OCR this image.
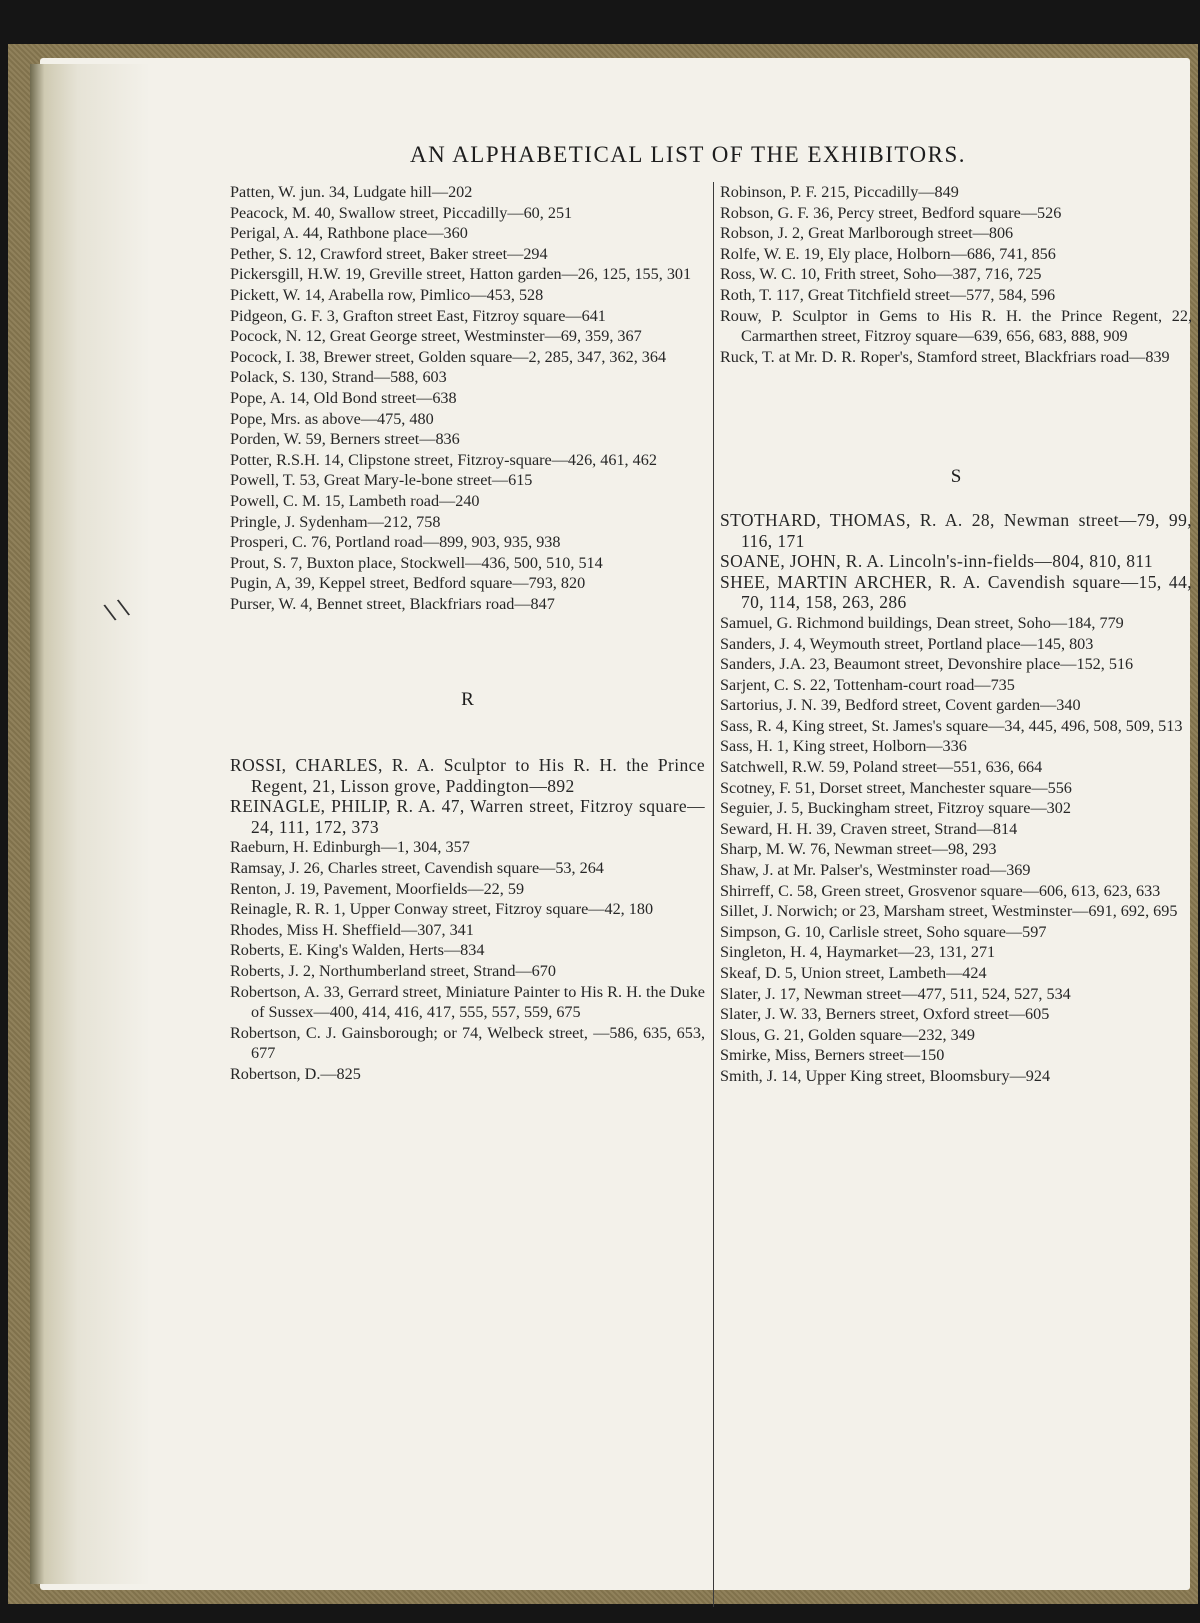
\ \
AN ALPHABETICAL LIST OF THE EXHIBITORS.
Patten, W. jun. 34, Ludgate hill—202
Peacock, M. 40, Swallow street, Piccadilly—60, 251
Perigal, A. 44, Rathbone place—360
Pether, S. 12, Crawford street, Baker street—294
Pickersgill, H.W. 19, Greville street, Hatton garden—26, 125, 155, 301
Pickett, W. 14, Arabella row, Pimlico—453, 528
Pidgeon, G. F. 3, Grafton street East, Fitzroy square—641
Pocock, N. 12, Great George street, Westminster—69, 359, 367
Pocock, I. 38, Brewer street, Golden square—2, 285, 347, 362, 364
Polack, S. 130, Strand—588, 603
Pope, A. 14, Old Bond street—638
Pope, Mrs. as above—475, 480
Porden, W. 59, Berners street—836
Potter, R.S.H. 14, Clipstone street, Fitzroy-square—426, 461, 462
Powell, T. 53, Great Mary-le-bone street—615
Powell, C. M. 15, Lambeth road—240
Pringle, J. Sydenham—212, 758
Prosperi, C. 76, Portland road—899, 903, 935, 938
Prout, S. 7, Buxton place, Stockwell—436, 500, 510, 514
Pugin, A, 39, Keppel street, Bedford square—793, 820
Purser, W. 4, Bennet street, Blackfriars road—847
R
ROSSI, CHARLES, R. A. Sculptor to His R. H. the Prince Regent, 21, Lisson grove, Paddington—892
REINAGLE, PHILIP, R. A. 47, Warren street, Fitzroy square—24, 111, 172, 373
Raeburn, H. Edinburgh—1, 304, 357
Ramsay, J. 26, Charles street, Cavendish square—53, 264
Renton, J. 19, Pavement, Moorfields—22, 59
Reinagle, R. R. 1, Upper Conway street, Fitzroy square—42, 180
Rhodes, Miss H. Sheffield—307, 341
Roberts, E. King's Walden, Herts—834
Roberts, J. 2, Northumberland street, Strand—670
Robertson, A. 33, Gerrard street, Miniature Painter to His R. H. the Duke of Sussex—400, 414, 416, 417, 555, 557, 559, 675
Robertson, C. J. Gainsborough; or 74, Welbeck street, —586, 635, 653, 677
Robertson, D.—825
Robinson, P. F. 215, Piccadilly—849
Robson, G. F. 36, Percy street, Bedford square—526
Robson, J. 2, Great Marlborough street—806
Rolfe, W. E. 19, Ely place, Holborn—686, 741, 856
Ross, W. C. 10, Frith street, Soho—387, 716, 725
Roth, T. 117, Great Titchfield street—577, 584, 596
Rouw, P. Sculptor in Gems to His R. H. the Prince Regent, 22, Carmarthen street, Fitzroy square—639, 656, 683, 888, 909
Ruck, T. at Mr. D. R. Roper's, Stamford street, Blackfriars road—839
S
STOTHARD, THOMAS, R. A. 28, Newman street—79, 99, 116, 171
SOANE, JOHN, R. A. Lincoln's-inn-fields—804, 810, 811
SHEE, MARTIN ARCHER, R. A. Cavendish square—15, 44, 70, 114, 158, 263, 286
Samuel, G. Richmond buildings, Dean street, Soho—184, 779
Sanders, J. 4, Weymouth street, Portland place—145, 803
Sanders, J.A. 23, Beaumont street, Devonshire place—152, 516
Sarjent, C. S. 22, Tottenham-court road—735
Sartorius, J. N. 39, Bedford street, Covent garden—340
Sass, R. 4, King street, St. James's square—34, 445, 496, 508, 509, 513
Sass, H. 1, King street, Holborn—336
Satchwell, R.W. 59, Poland street—551, 636, 664
Scotney, F. 51, Dorset street, Manchester square—556
Seguier, J. 5, Buckingham street, Fitzroy square—302
Seward, H. H. 39, Craven street, Strand—814
Sharp, M. W. 76, Newman street—98, 293
Shaw, J. at Mr. Palser's, Westminster road—369
Shirreff, C. 58, Green street, Grosvenor square—606, 613, 623, 633
Sillet, J. Norwich; or 23, Marsham street, Westminster—691, 692, 695
Simpson, G. 10, Carlisle street, Soho square—597
Singleton, H. 4, Haymarket—23, 131, 271
Skeaf, D. 5, Union street, Lambeth—424
Slater, J. 17, Newman street—477, 511, 524, 527, 534
Slater, J. W. 33, Berners street, Oxford street—605
Slous, G. 21, Golden square—232, 349
Smirke, Miss, Berners street—150
Smith, J. 14, Upper King street, Bloomsbury—924
